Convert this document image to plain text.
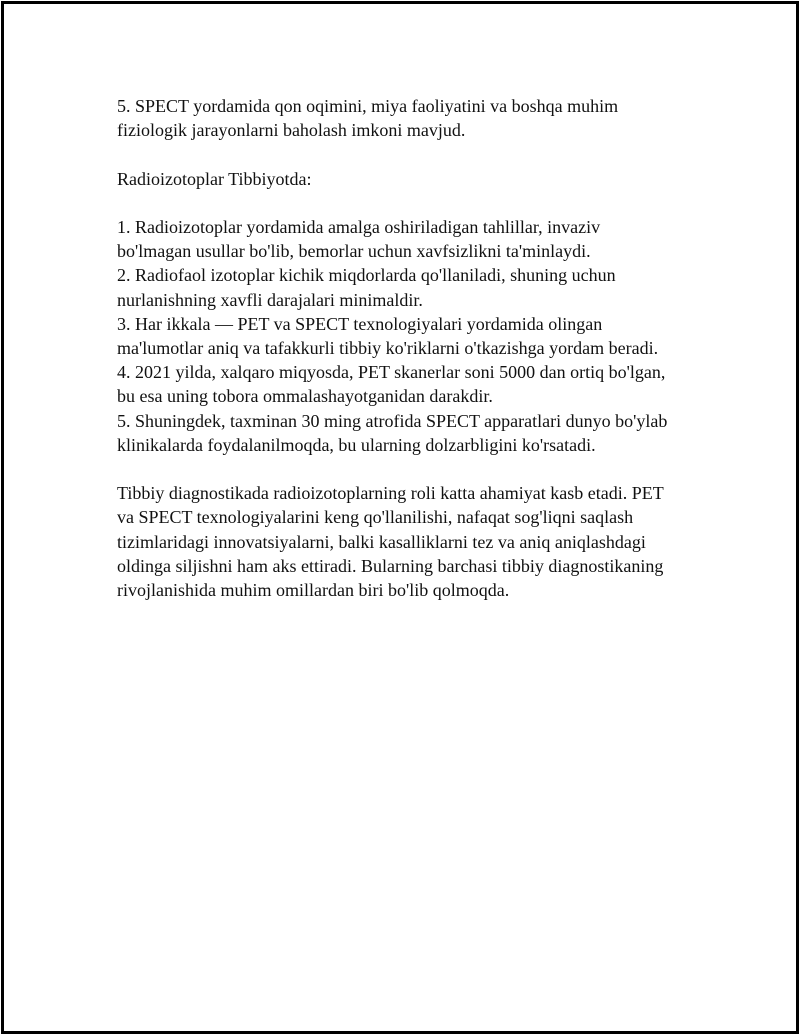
5. SPECT yordamida qon oqimini, miya faoliyatini va boshqa muhim
fiziologik jarayonlarni baholash imkoni mavjud.

Radioizotoplar Tibbiyotda:

1. Radioizotoplar yordamida amalga oshiriladigan tahlillar, invaziv
bo'lmagan usullar bo'lib, bemorlar uchun xavfsizlikni ta'minlaydi.

2. Radiofaol izotoplar kichik miqdorlarda qo'llaniladi, shuning uchun
nurlanishning xavfli darajalari minimaldir.

3. Har ikkala — PET va SPECT texnologiyalari yordamida olingan
ma'lumotlar aniq va tafakkurli tibbiy ko'riklarni o'tkazishga yordam beradi.

4. 2021 yilda, xalqaro miqyosda, PET skanerlar soni 5000 dan ortiq bo'lgan,
bu esa uning tobora ommalashayotganidan darakdir.

5. Shuningdek, taxminan 30 ming atrofida SPECT apparatlari dunyo bo'ylab
klinikalarda foydalanilmoqda, bu ularning dolzarbligini ko'rsatadi.

Tibbiy diagnostikada radioizotoplarning roli katta ahamiyat kasb etadi. PET
va SPECT texnologiyalarini keng qo'llanilishi, nafaqat sog'liqni saqlash
tizimlaridagi innovatsiyalarni, balki kasalliklarni tez va aniq aniqlashdagi
oldinga siljishni ham aks ettiradi. Bularning barchasi tibbiy diagnostikaning
rivojlanishida muhim omillardan biri bo'lib qolmoqda.
